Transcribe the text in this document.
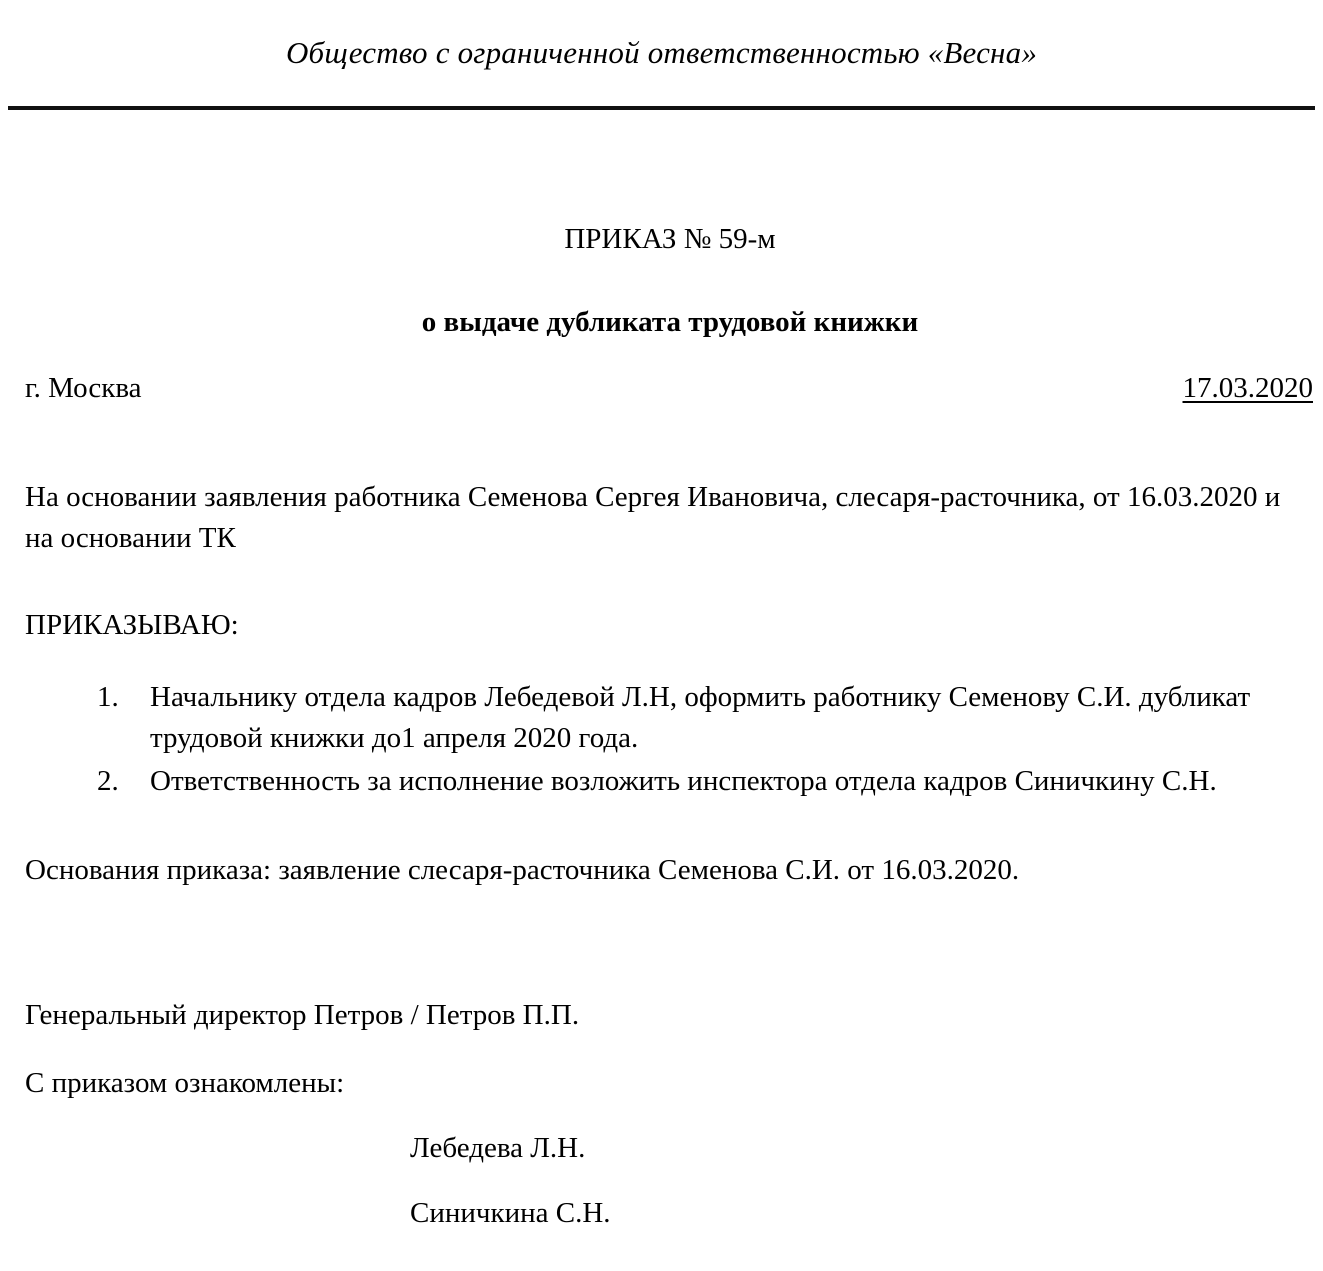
Общество с ограниченной ответственностью «Весна»
ПРИКАЗ № 59-м
о выдаче дубликата трудовой книжки
г. Москва	17.03.2020

На основании заявления работника Семенова Сергея Ивановича, слесаря-расточника, от 16.03.2020 и на основании ТК

ПРИКАЗЫВАЮ:

1.	Начальнику отдела кадров Лебедевой Л.Н, оформить работнику Семенову С.И. дубликат трудовой книжки до1 апреля 2020 года.
2.	Ответственность за исполнение возложить инспектора отдела кадров Синичкину С.Н.

Основания приказа: заявление слесаря-расточника Семенова С.И. от 16.03.2020.

Генеральный директор Петров / Петров П.П.
С приказом ознакомлены:
Лебедева Л.Н.
Синичкина С.Н.
